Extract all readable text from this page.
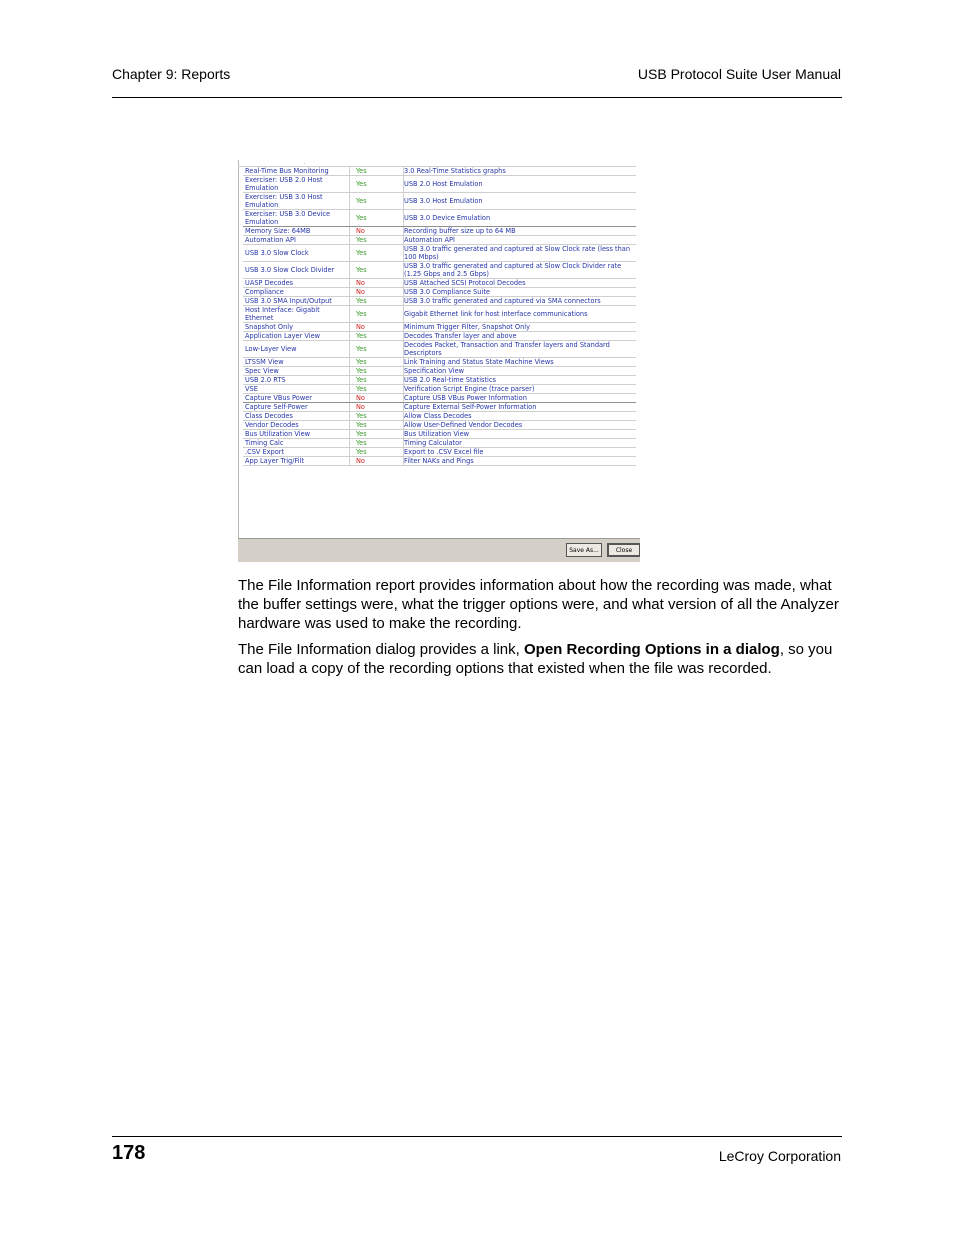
Chapter 9: Reports	USB Protocol Suite User Manual
.
Real-Time Bus Monitoring	Yes	3.0 Real-Time Statistics graphs
Exerciser: USB 2.0 Host Emulation	Yes	USB 2.0 Host Emulation
Exerciser: USB 3.0 Host Emulation	Yes	USB 3.0 Host Emulation
Exerciser: USB 3.0 Device Emulation	Yes	USB 3.0 Device Emulation
Memory Size: 64MB	No	Recording buffer size up to 64 MB
Automation API	Yes	Automation API
USB 3.0 Slow Clock	Yes	USB 3.0 traffic generated and captured at Slow Clock rate (less than 100 Mbps)
USB 3.0 Slow Clock Divider	Yes	USB 3.0 traffic generated and captured at Slow Clock Divider rate (1.25 Gbps and 2.5 Gbps)
UASP Decodes	No	USB Attached SCSI Protocol Decodes
Compliance	No	USB 3.0 Compliance Suite
USB 3.0 SMA Input/Output	Yes	USB 3.0 traffic generated and captured via SMA connectors
Host Interface: Gigabit Ethernet	Yes	Gigabit Ethernet link for host interface communications
Snapshot Only	No	Minimum Trigger Filter, Snapshot Only
Application Layer View	Yes	Decodes Transfer layer and above
Low-Layer View	Yes	Decodes Packet, Transaction and Transfer layers and Standard Descriptors
LTSSM View	Yes	Link Training and Status State Machine Views
Spec View	Yes	Specification View
USB 2.0 RTS	Yes	USB 2.0 Real-time Statistics
VSE	Yes	Verification Script Engine (trace parser)
Capture VBus Power	No	Capture USB VBus Power Information
Capture Self-Power	No	Capture External Self-Power Information
Class Decodes	Yes	Allow Class Decodes
Vendor Decodes	Yes	Allow User-Defined Vendor Decodes
Bus Utilization View	Yes	Bus Utilization View
Timing Calc	Yes	Timing Calculator
.CSV Export	Yes	Export to .CSV Excel file
App Layer Trig/Filt	No	Filter NAKs and Pings
Save As...	Close
The File Information report provides information about how the recording was made, what the buffer settings were, what the trigger options were, and what version of all the Analyzer hardware was used to make the recording.
The File Information dialog provides a link, Open Recording Options in a dialog, so you can load a copy of the recording options that existed when the file was recorded.
178	LeCroy Corporation
